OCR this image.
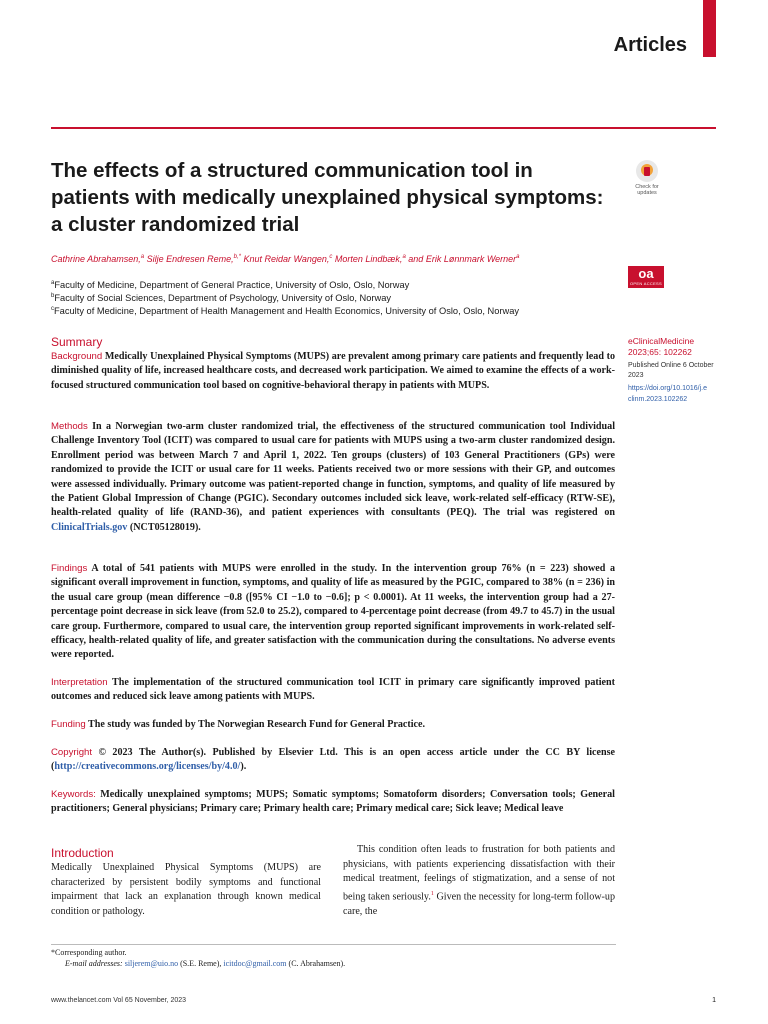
Articles
The effects of a structured communication tool in patients with medically unexplained physical symptoms: a cluster randomized trial
Cathrine Abrahamsen,$^a$ Silje Endresen Reme,$^{b,*}$ Knut Reidar Wangen,$^c$ Morten Lindbæk,$^a$ and Erik Lønnmark Werner$^a$
$^a$Faculty of Medicine, Department of General Practice, University of Oslo, Oslo, Norway
$^b$Faculty of Social Sciences, Department of Psychology, University of Oslo, Norway
$^c$Faculty of Medicine, Department of Health Management and Health Economics, University of Oslo, Oslo, Norway
Check for
updates
oa
OPEN ACCESS
eClinicalMedicine
2023;65: 102262
Published Online 6 October 2023
https://doi.org/10.1016/j.eclinm.2023.102262
Summary
Background Medically Unexplained Physical Symptoms (MUPS) are prevalent among primary care patients and frequently lead to diminished quality of life, increased healthcare costs, and decreased work participation. We aimed to examine the effects of a work-focused structured communication tool based on cognitive-behavioral therapy in patients with MUPS.
Methods In a Norwegian two-arm cluster randomized trial, the effectiveness of the structured communication tool Individual Challenge Inventory Tool (ICIT) was compared to usual care for patients with MUPS using a two-arm cluster randomized design. Enrollment period was between March 7 and April 1, 2022. Ten groups (clusters) of 103 General Practitioners (GPs) were randomized to provide the ICIT or usual care for 11 weeks. Patients received two or more sessions with their GP, and outcomes were assessed individually. Primary outcome was patient-reported change in function, symptoms, and quality of life measured by the Patient Global Impression of Change (PGIC). Secondary outcomes included sick leave, work-related self-efficacy (RTW-SE), health-related quality of life (RAND-36), and patient experiences with consultants (PEQ). The trial was registered on ClinicalTrials.gov (NCT05128019).
Findings A total of 541 patients with MUPS were enrolled in the study. In the intervention group 76% (n = 223) showed a significant overall improvement in function, symptoms, and quality of life as measured by the PGIC, compared to 38% (n = 236) in the usual care group (mean difference −0.8 ([95% CI −1.0 to −0.6]; p < 0.0001). At 11 weeks, the intervention group had a 27-percentage point decrease in sick leave (from 52.0 to 25.2), compared to 4-percentage point decrease (from 49.7 to 45.7) in the usual care group. Furthermore, compared to usual care, the intervention group reported significant improvements in work-related self-efficacy, health-related quality of life, and greater satisfaction with the communication during the consultations. No adverse events were reported.
Interpretation The implementation of the structured communication tool ICIT in primary care significantly improved patient outcomes and reduced sick leave among patients with MUPS.
Funding The study was funded by The Norwegian Research Fund for General Practice.
Copyright © 2023 The Author(s). Published by Elsevier Ltd. This is an open access article under the CC BY license (http://creativecommons.org/licenses/by/4.0/).
Keywords: Medically unexplained symptoms; MUPS; Somatic symptoms; Somatoform disorders; Conversation tools; General practitioners; General physicians; Primary care; Primary health care; Primary medical care; Sick leave; Medical leave
Introduction
Medically Unexplained Physical Symptoms (MUPS) are characterized by persistent bodily symptoms and functional impairment that lack an explanation through known medical condition or pathology.
This condition often leads to frustration for both patients and physicians, with patients experiencing dissatisfaction with their medical treatment, feelings of stigmatization, and a sense of not being taken seriously.$^1$ Given the necessity for long-term follow-up care, the
*Corresponding author.
E-mail addresses: siljerem@uio.no (S.E. Reme), icitdoc@gmail.com (C. Abrahamsen).
www.thelancet.com Vol 65 November, 2023	1
